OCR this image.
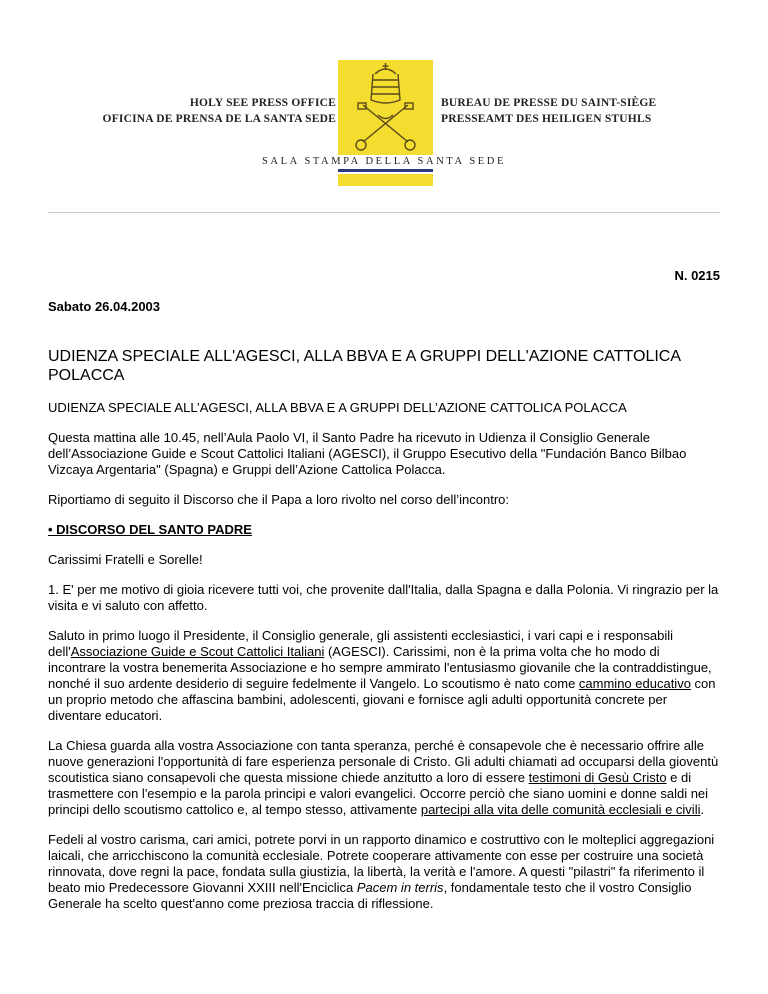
HOLY SEE PRESS OFFICE
OFICINA DE PRENSA DE LA SANTA SEDE
BUREAU DE PRESSE DU SAINT-SIÈGE
PRESSEAMT DES HEILIGEN STUHLS
SALA STAMPA DELLA SANTA SEDE
N. 0215
Sabato 26.04.2003
UDIENZA SPECIALE ALL'AGESCI, ALLA BBVA E A GRUPPI DELL'AZIONE CATTOLICA POLACCA

UDIENZA SPECIALE ALL’AGESCI, ALLA BBVA E A GRUPPI DELL’AZIONE CATTOLICA POLACCA

Questa mattina alle 10.45, nell’Aula Paolo VI, il Santo Padre ha ricevuto in Udienza il Consiglio Generale dell’Associazione Guide e Scout Cattolici Italiani (AGESCI), il Gruppo Esecutivo della "Fundación Banco Bilbao Vizcaya Argentaria" (Spagna) e Gruppi dell’Azione Cattolica Polacca.

Riportiamo di seguito il Discorso che il Papa a loro rivolto nel corso dell’incontro:

• DISCORSO DEL SANTO PADRE

Carissimi Fratelli e Sorelle!

1. E' per me motivo di gioia ricevere tutti voi, che provenite dall'Italia, dalla Spagna e dalla Polonia. Vi ringrazio per la visita e vi saluto con affetto.

Saluto in primo luogo il Presidente, il Consiglio generale, gli assistenti ecclesiastici, i vari capi e i responsabili dell'Associazione Guide e Scout Cattolici Italiani (AGESCI). Carissimi, non è la prima volta che ho modo di incontrare la vostra benemerita Associazione e ho sempre ammirato l'entusiasmo giovanile che la contraddistingue, nonché il suo ardente desiderio di seguire fedelmente il Vangelo. Lo scoutismo è nato come cammino educativo con un proprio metodo che affascina bambini, adolescenti, giovani e fornisce agli adulti opportunità concrete per diventare educatori.

La Chiesa guarda alla vostra Associazione con tanta speranza, perché è consapevole che è necessario offrire alle nuove generazioni l'opportunità di fare esperienza personale di Cristo. Gli adulti chiamati ad occuparsi della gioventù scoutistica siano consapevoli che questa missione chiede anzitutto a loro di essere testimoni di Gesù Cristo e di trasmettere con l'esempio e la parola principi e valori evangelici. Occorre perciò che siano uomini e donne saldi nei principi dello scoutismo cattolico e, al tempo stesso, attivamente partecipi alla vita delle comunità ecclesiali e civili.

Fedeli al vostro carisma, cari amici, potrete porvi in un rapporto dinamico e costruttivo con le molteplici aggregazioni laicali, che arricchiscono la comunità ecclesiale. Potrete cooperare attivamente con esse per costruire una società rinnovata, dove regni la pace, fondata sulla giustizia, la libertà, la verità e l'amore. A questi "pilastri" fa riferimento il beato mio Predecessore Giovanni XXIII nell'Enciclica Pacem in terris, fondamentale testo che il vostro Consiglio Generale ha scelto quest'anno come preziosa traccia di riflessione.
